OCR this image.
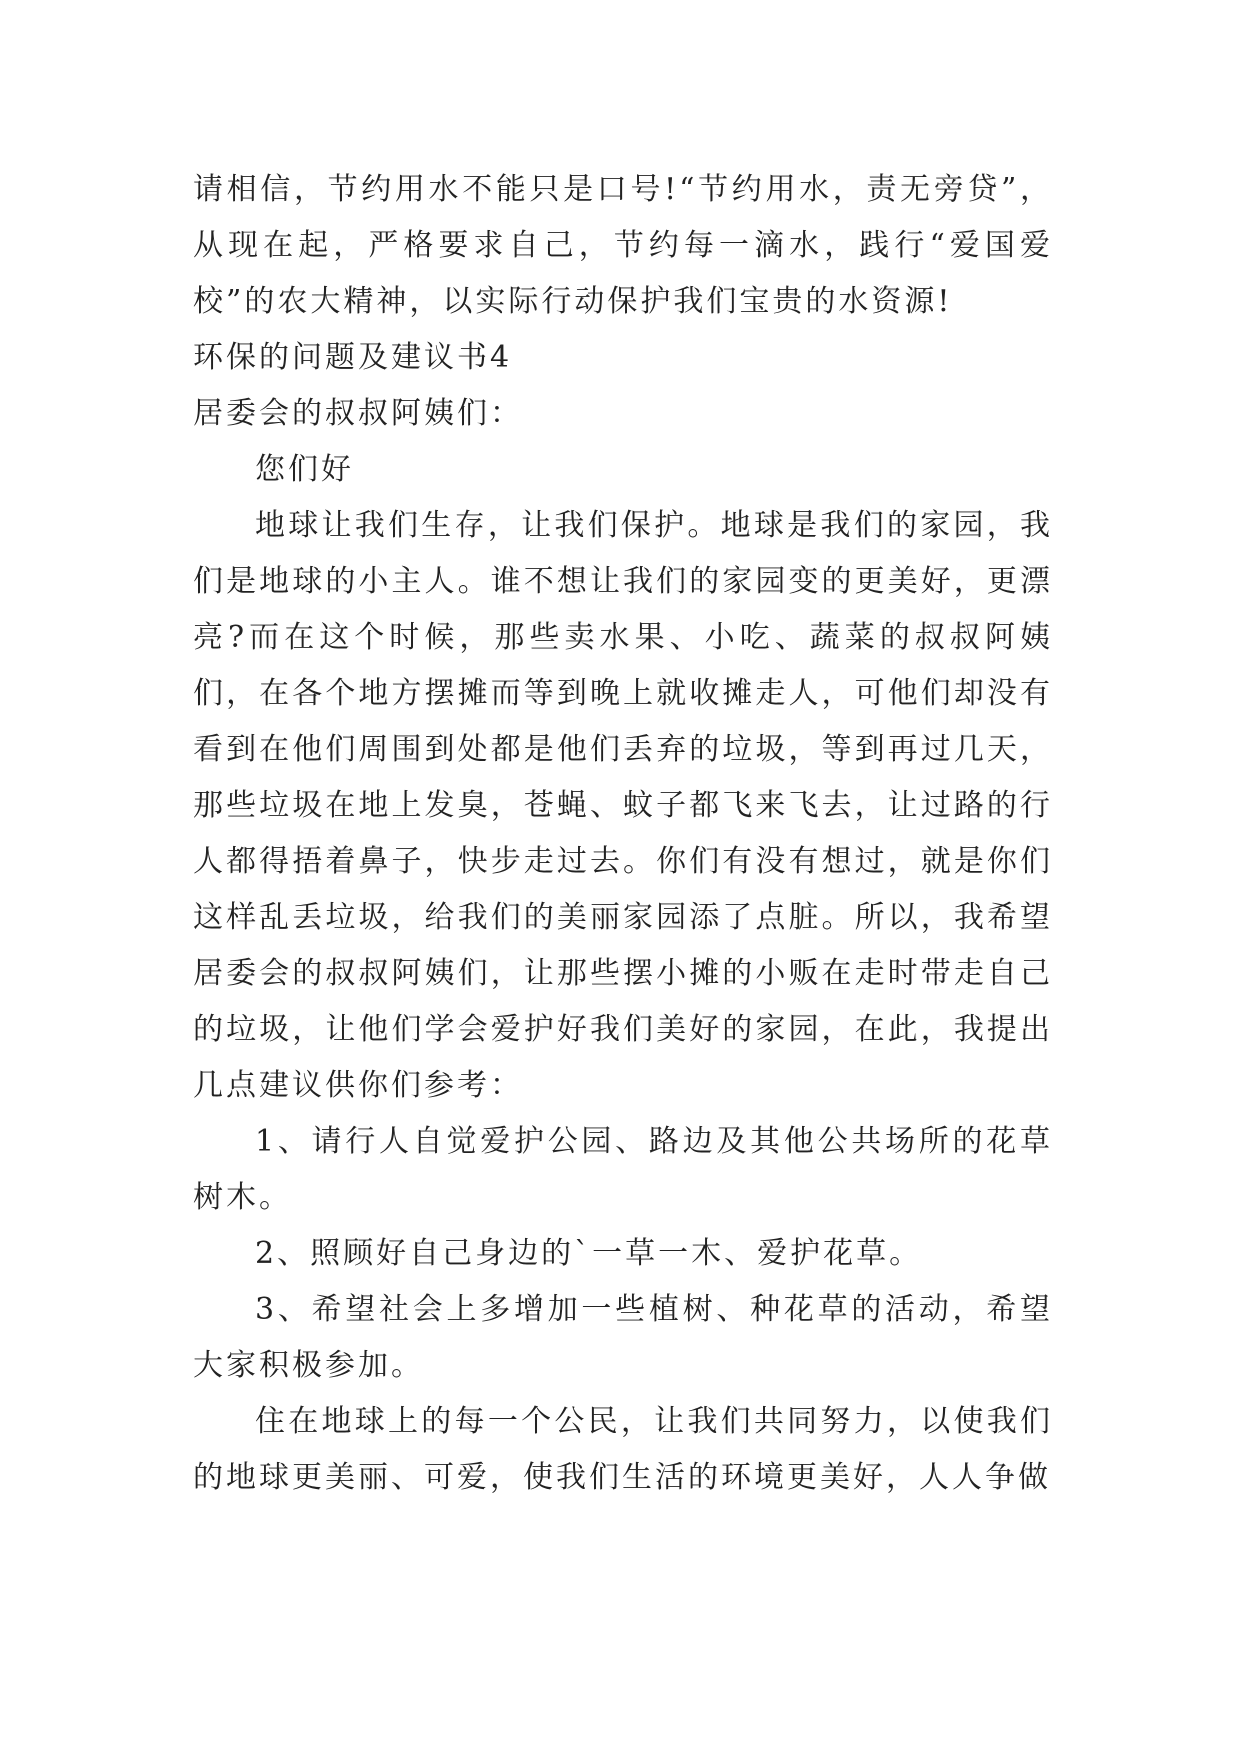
请相信，节约用水不能只是口号!“节约用水，责无旁贷”，从现在起，严格要求自己，节约每一滴水，践行“爱国爱校”的农大精神，以实际行动保护我们宝贵的水资源!

环保的问题及建议书4

居委会的叔叔阿姨们：

您们好

地球让我们生存，让我们保护。地球是我们的家园，我们是地球的小主人。谁不想让我们的家园变的更美好，更漂亮?而在这个时候，那些卖水果、小吃、蔬菜的叔叔阿姨们，在各个地方摆摊而等到晚上就收摊走人，可他们却没有看到在他们周围到处都是他们丢弃的垃圾，等到再过几天，那些垃圾在地上发臭，苍蝇、蚊子都飞来飞去，让过路的行人都得捂着鼻子，快步走过去。你们有没有想过，就是你们这样乱丢垃圾，给我们的美丽家园添了点脏。所以，我希望居委会的叔叔阿姨们，让那些摆小摊的小贩在走时带走自己的垃圾，让他们学会爱护好我们美好的家园，在此，我提出几点建议供你们参考：

1、请行人自觉爱护公园、路边及其他公共场所的花草树木。

2、照顾好自己身边的`一草一木、爱护花草。

3、希望社会上多增加一些植树、种花草的活动，希望大家积极参加。

住在地球上的每一个公民，让我们共同努力，以使我们的地球更美丽、可爱，使我们生活的环境更美好，人人争做
